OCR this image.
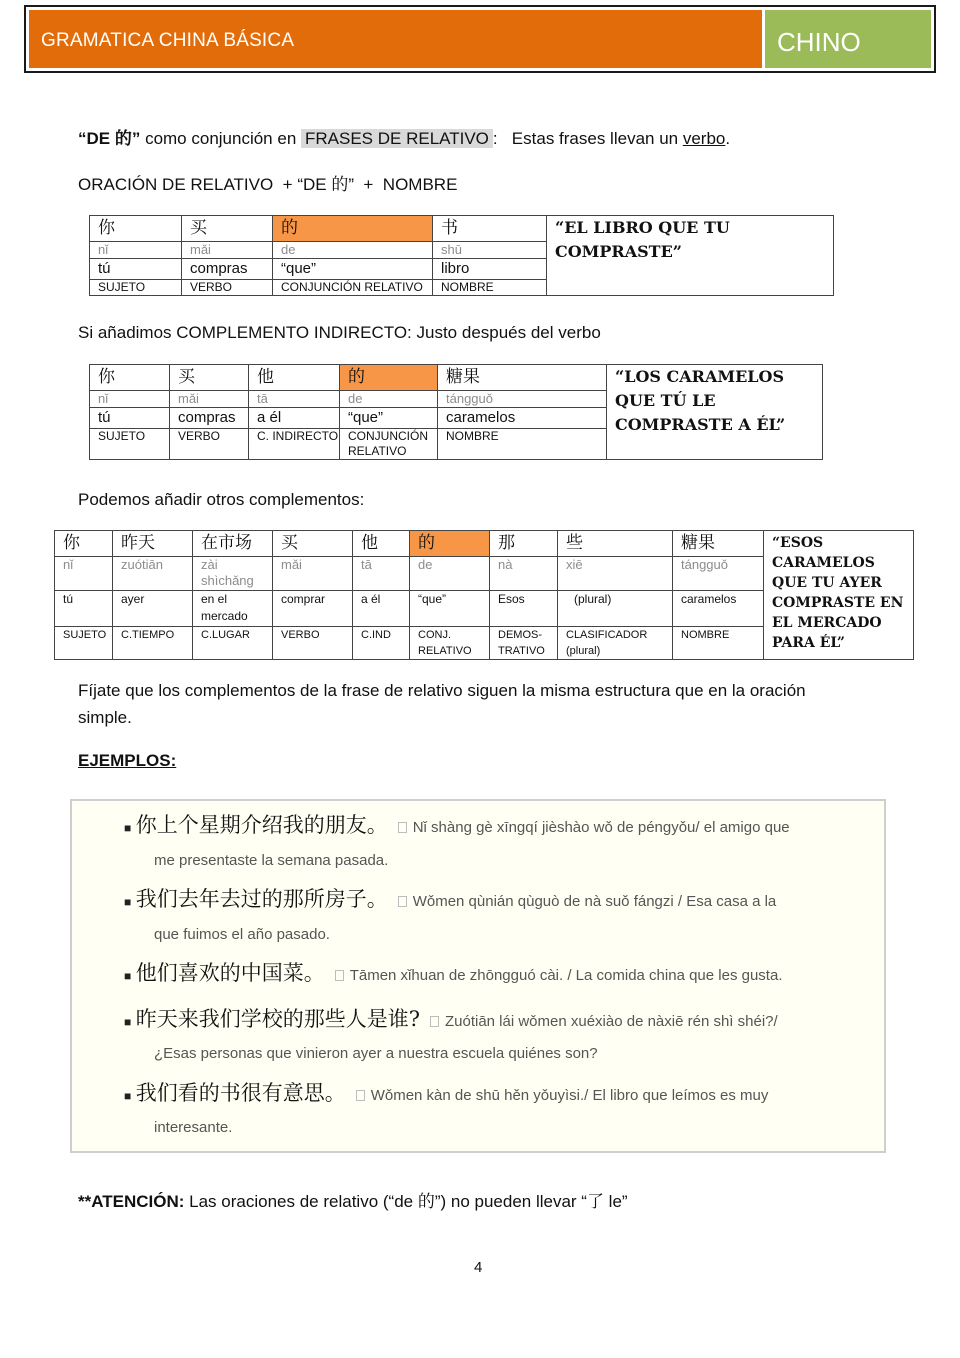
GRAMATICA CHINA BÁSICA	CHINO
“DE 的” como conjunción en FRASES DE RELATIVO :   Estas frases llevan un verbo.
ORACIÓN DE RELATIVO  + “DE 的”  +  NOMBRE
你	买	的	书	“EL LIBRO QUE TU COMPRASTE”
nǐ	mǎi	de	shū	
tú	compras	“que”	libro	
SUJETO	VERBO	CONJUNCIÓN RELATIVO	NOMBRE	
Si añadimos COMPLEMENTO INDIRECTO: Justo después del verbo
你	买	他	的	糖果	“LOS CARAMELOS QUE TÚ LE COMPRASTE A ÉL”
nǐ	mǎi	tā	de	tángguǒ	
tú	compras	a él	“que”	caramelos	
SUJETO	VERBO	C. INDIRECTO	CONJUNCIÓN RELATIVO	NOMBRE	
Podemos añadir otros complementos:
你	昨天	在市场	买	他	的	那	些	糖果	“ESOS CARAMELOS QUE TU AYER COMPRASTE EN EL MERCADO PARA ÉL”
nǐ	zuótiān	zài shìchǎng	mǎi	tā	de	nà	xiē	tángguǒ	
tú	ayer	en el mercado	comprar	a él	“que”	Esos	(plural)	caramelos	
SUJETO	C.TIEMPO	C.LUGAR	VERBO	C.IND	CONJ. RELATIVO	DEMOS-TRATIVO	CLASIFICADOR (plural)	NOMBRE	
Fíjate que los complementos de la frase de relativo siguen la misma estructura que en la oración
simple.
EJEMPLOS:
■ 你上个星期介绍我的朋友。 Nǐ shàng gè xīngqí jièshào wǒ de péngyǒu/ el amigo que
me presentaste la semana pasada.
■ 我们去年去过的那所房子。 Wǒmen qùnián qùguò de nà suǒ fángzi / Esa casa a la
que fuimos el año pasado.
■ 他们喜欢的中国菜。 Tāmen xǐhuan de zhōngguó cài. / La comida china que les gusta.
■ 昨天来我们学校的那些人是谁? Zuótiān lái wǒmen xuéxiào de nàxiē rén shì shéi?/
¿Esas personas que vinieron ayer a nuestra escuela quiénes son?
■ 我们看的书很有意思。 Wǒmen kàn de shū hěn yǒuyìsi./ El libro que leímos es muy
interesante.
**ATENCIÓN: Las oraciones de relativo (“de 的”) no pueden llevar “了 le”
4
